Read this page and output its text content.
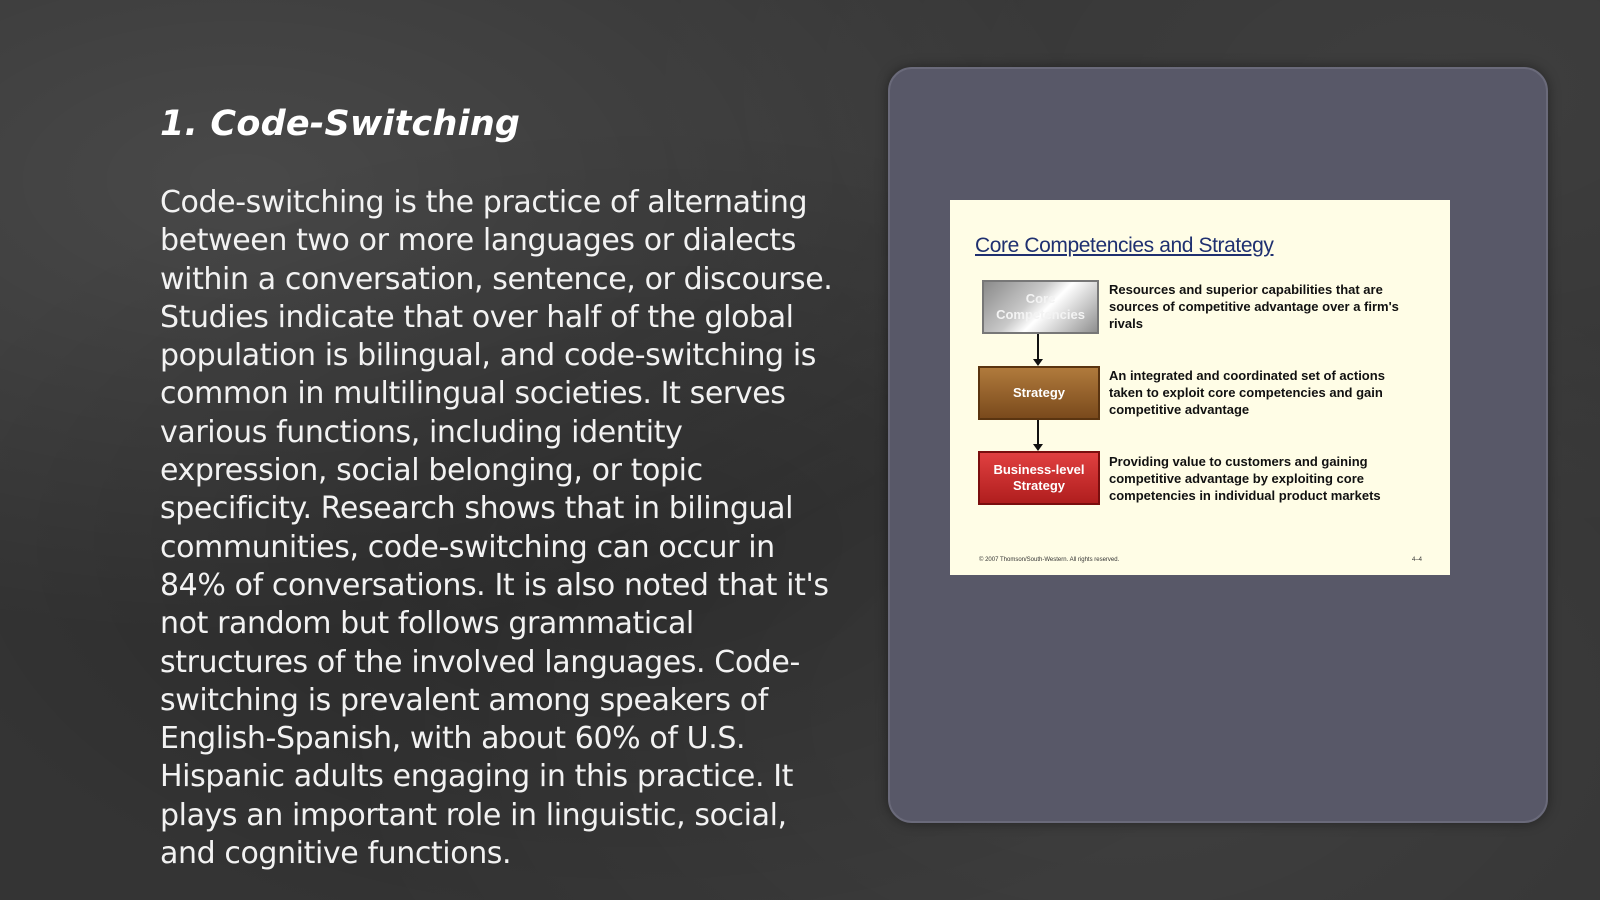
1. Code-Switching

Code-switching is the practice of alternating between two or more languages or dialects within a conversation, sentence, or discourse. Studies indicate that over half of the global population is bilingual, and code-switching is common in multilingual societies. It serves various functions, including identity expression, social belonging, or topic specificity. Research shows that in bilingual communities, code-switching can occur in 84% of conversations. It is also noted that it's not random but follows grammatical structures of the involved languages. Code-switching is prevalent among speakers of English-Spanish, with about 60% of U.S. Hispanic adults engaging in this practice. It plays an important role in linguistic, social, and cognitive functions.

Core Competencies and Strategy
Core Competencies
Resources and superior capabilities that are sources of competitive advantage over a firm's rivals
Strategy
An integrated and coordinated set of actions taken to exploit core competencies and gain competitive advantage
Business-level Strategy
Providing value to customers and gaining competitive advantage by exploiting core competencies in individual product markets
© 2007 Thomson/South-Western. All rights reserved.	4–4
